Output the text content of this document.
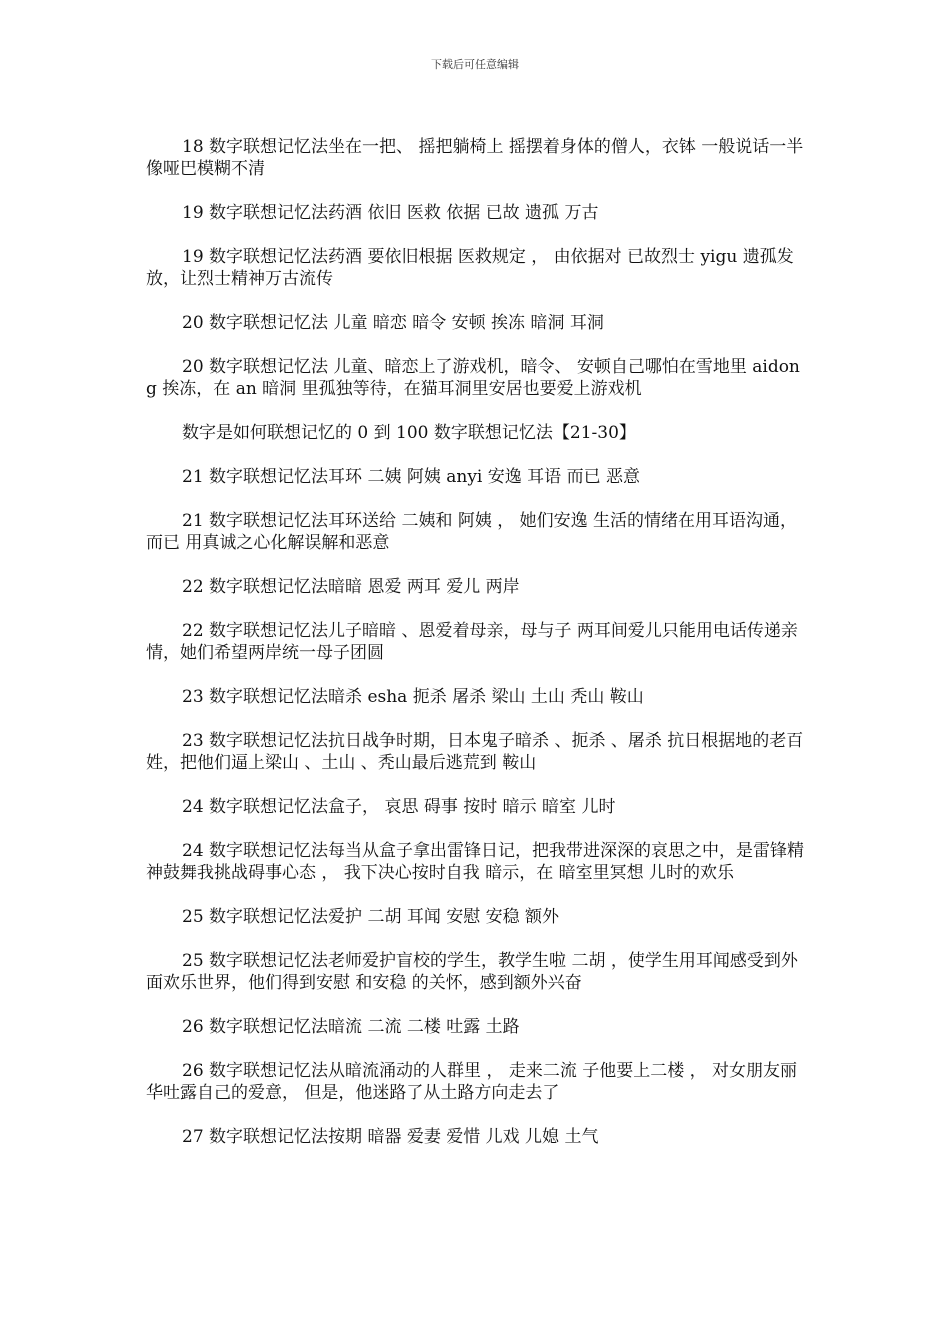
下载后可任意编辑

18 数字联想记忆法坐在一把、 摇把躺椅上 摇摆着身体的僧人，衣钵 一般说话一半像哑巴模糊不清

19 数字联想记忆法药酒 依旧 医救 依据 已故 遗孤 万古

19 数字联想记忆法药酒 要依旧根据 医救规定 ， 由依据对 已故烈士 yigu 遗孤发放，让烈士精神万古流传

20 数字联想记忆法 儿童 暗恋 暗令 安顿 挨冻 暗洞 耳洞

20 数字联想记忆法 儿童、暗恋上了游戏机，暗令、 安顿自己哪怕在雪地里 aidong 挨冻，在 an 暗洞 里孤独等待，在猫耳洞里安居也要爱上游戏机

数字是如何联想记忆的 0 到 100 数字联想记忆法【21-30】

21 数字联想记忆法耳环 二姨 阿姨 anyi 安逸 耳语 而已 恶意

21 数字联想记忆法耳环送给 二姨和 阿姨 ， 她们安逸 生活的情绪在用耳语沟通， 而已 用真诚之心化解误解和恶意

22 数字联想记忆法暗暗 恩爱 两耳 爱儿 两岸

22 数字联想记忆法儿子暗暗 、恩爱着母亲，母与子 两耳间爱儿只能用电话传递亲情，她们希望两岸统一母子团圆

23 数字联想记忆法暗杀 esha 扼杀 屠杀 梁山 土山 秃山 鞍山

23 数字联想记忆法抗日战争时期，日本鬼子暗杀 、扼杀 、屠杀 抗日根据地的老百姓，把他们逼上梁山 、土山 、秃山最后逃荒到 鞍山

24 数字联想记忆法盒子， 哀思 碍事 按时 暗示 暗室 儿时

24 数字联想记忆法每当从盒子拿出雷锋日记，把我带进深深的哀思之中，是雷锋精神鼓舞我挑战碍事心态 ， 我下决心按时自我 暗示，在 暗室里冥想 儿时的欢乐

25 数字联想记忆法爱护 二胡 耳闻 安慰 安稳 额外

25 数字联想记忆法老师爱护盲校的学生，教学生啦 二胡 ，使学生用耳闻感受到外面欢乐世界，他们得到安慰 和安稳 的关怀，感到额外兴奋

26 数字联想记忆法暗流 二流 二楼 吐露 土路

26 数字联想记忆法从暗流涌动的人群里 ， 走来二流 子他要上二楼 ， 对女朋友丽华吐露自己的爱意， 但是，他迷路了从土路方向走去了

27 数字联想记忆法按期 暗器 爱妻 爱惜 儿戏 儿媳 土气
